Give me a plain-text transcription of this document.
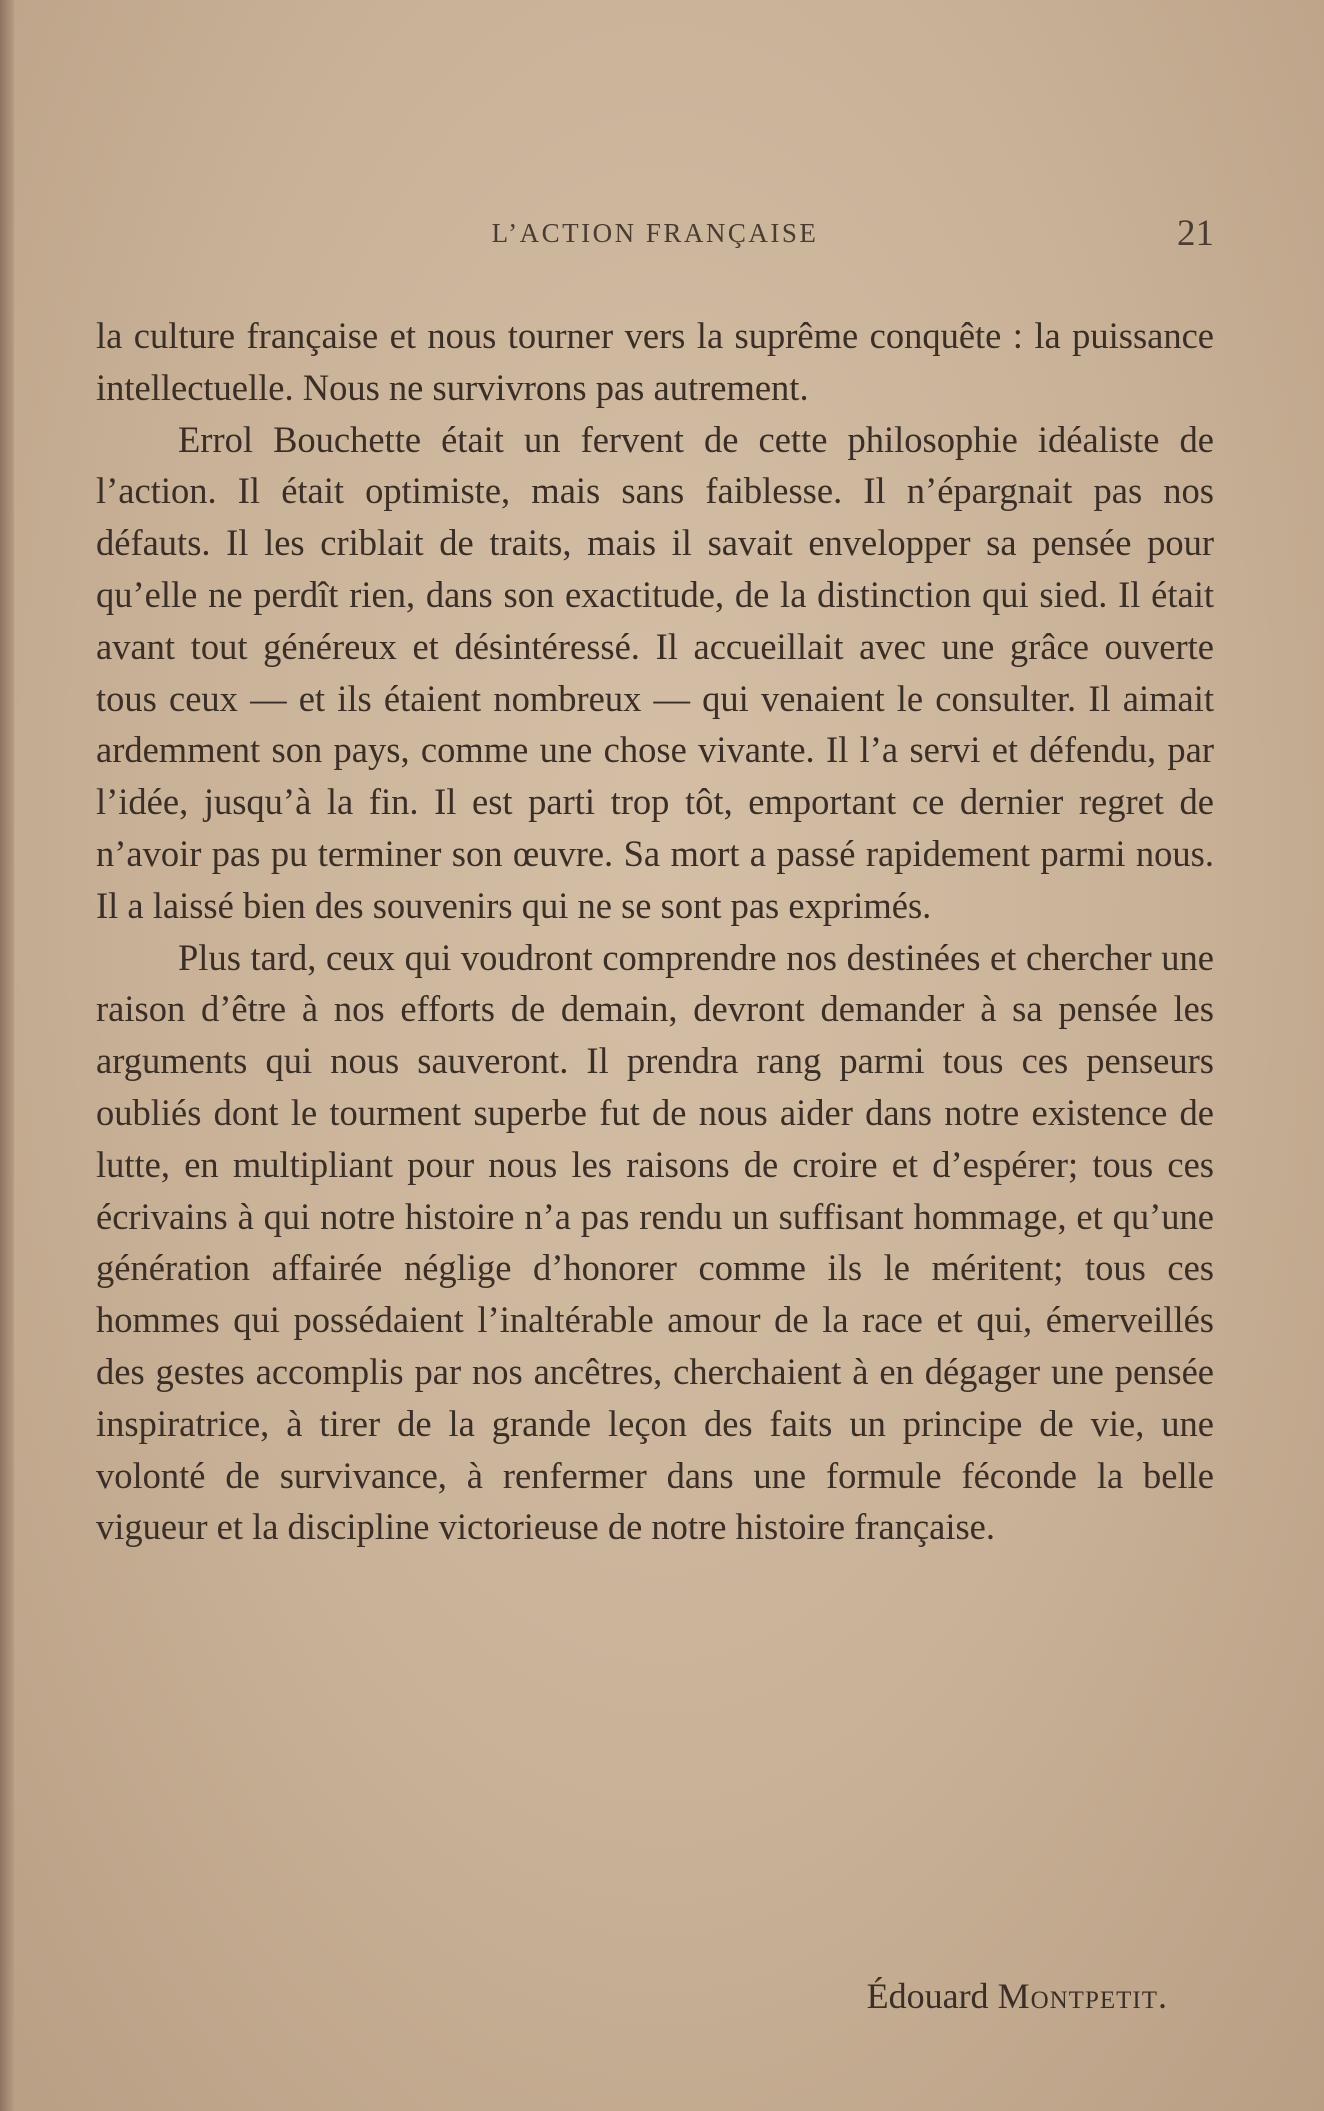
L’ACTION FRANÇAISE	21

la culture française et nous tourner vers la suprême conquête : la puissance intellectuelle. Nous ne survivrons pas autrement.

Errol Bouchette était un fervent de cette philosophie idéaliste de l’action. Il était optimiste, mais sans faiblesse. Il n’épargnait pas nos défauts. Il les criblait de traits, mais il savait envelopper sa pensée pour qu’elle ne perdît rien, dans son exactitude, de la distinction qui sied. Il était avant tout généreux et désintéressé. Il accueillait avec une grâce ouverte tous ceux — et ils étaient nombreux — qui venaient le consulter. Il aimait ardemment son pays, comme une chose vivante. Il l’a servi et défendu, par l’idée, jusqu’à la fin. Il est parti trop tôt, emportant ce dernier regret de n’avoir pas pu terminer son œuvre. Sa mort a passé rapidement parmi nous. Il a laissé bien des souvenirs qui ne se sont pas exprimés.

Plus tard, ceux qui voudront comprendre nos destinées et chercher une raison d’être à nos efforts de demain, devront demander à sa pensée les arguments qui nous sauveront. Il prendra rang parmi tous ces penseurs oubliés dont le tourment superbe fut de nous aider dans notre existence de lutte, en multipliant pour nous les raisons de croire et d’espérer; tous ces écrivains à qui notre histoire n’a pas rendu un suffisant hommage, et qu’une génération affairée néglige d’honorer comme ils le méritent; tous ces hommes qui possédaient l’inaltérable amour de la race et qui, émerveillés des gestes accomplis par nos ancêtres, cherchaient à en dégager une pensée inspiratrice, à tirer de la grande leçon des faits un principe de vie, une volonté de survivance, à renfermer dans une formule féconde la belle vigueur et la discipline victorieuse de notre histoire française.

Édouard Montpetit.
